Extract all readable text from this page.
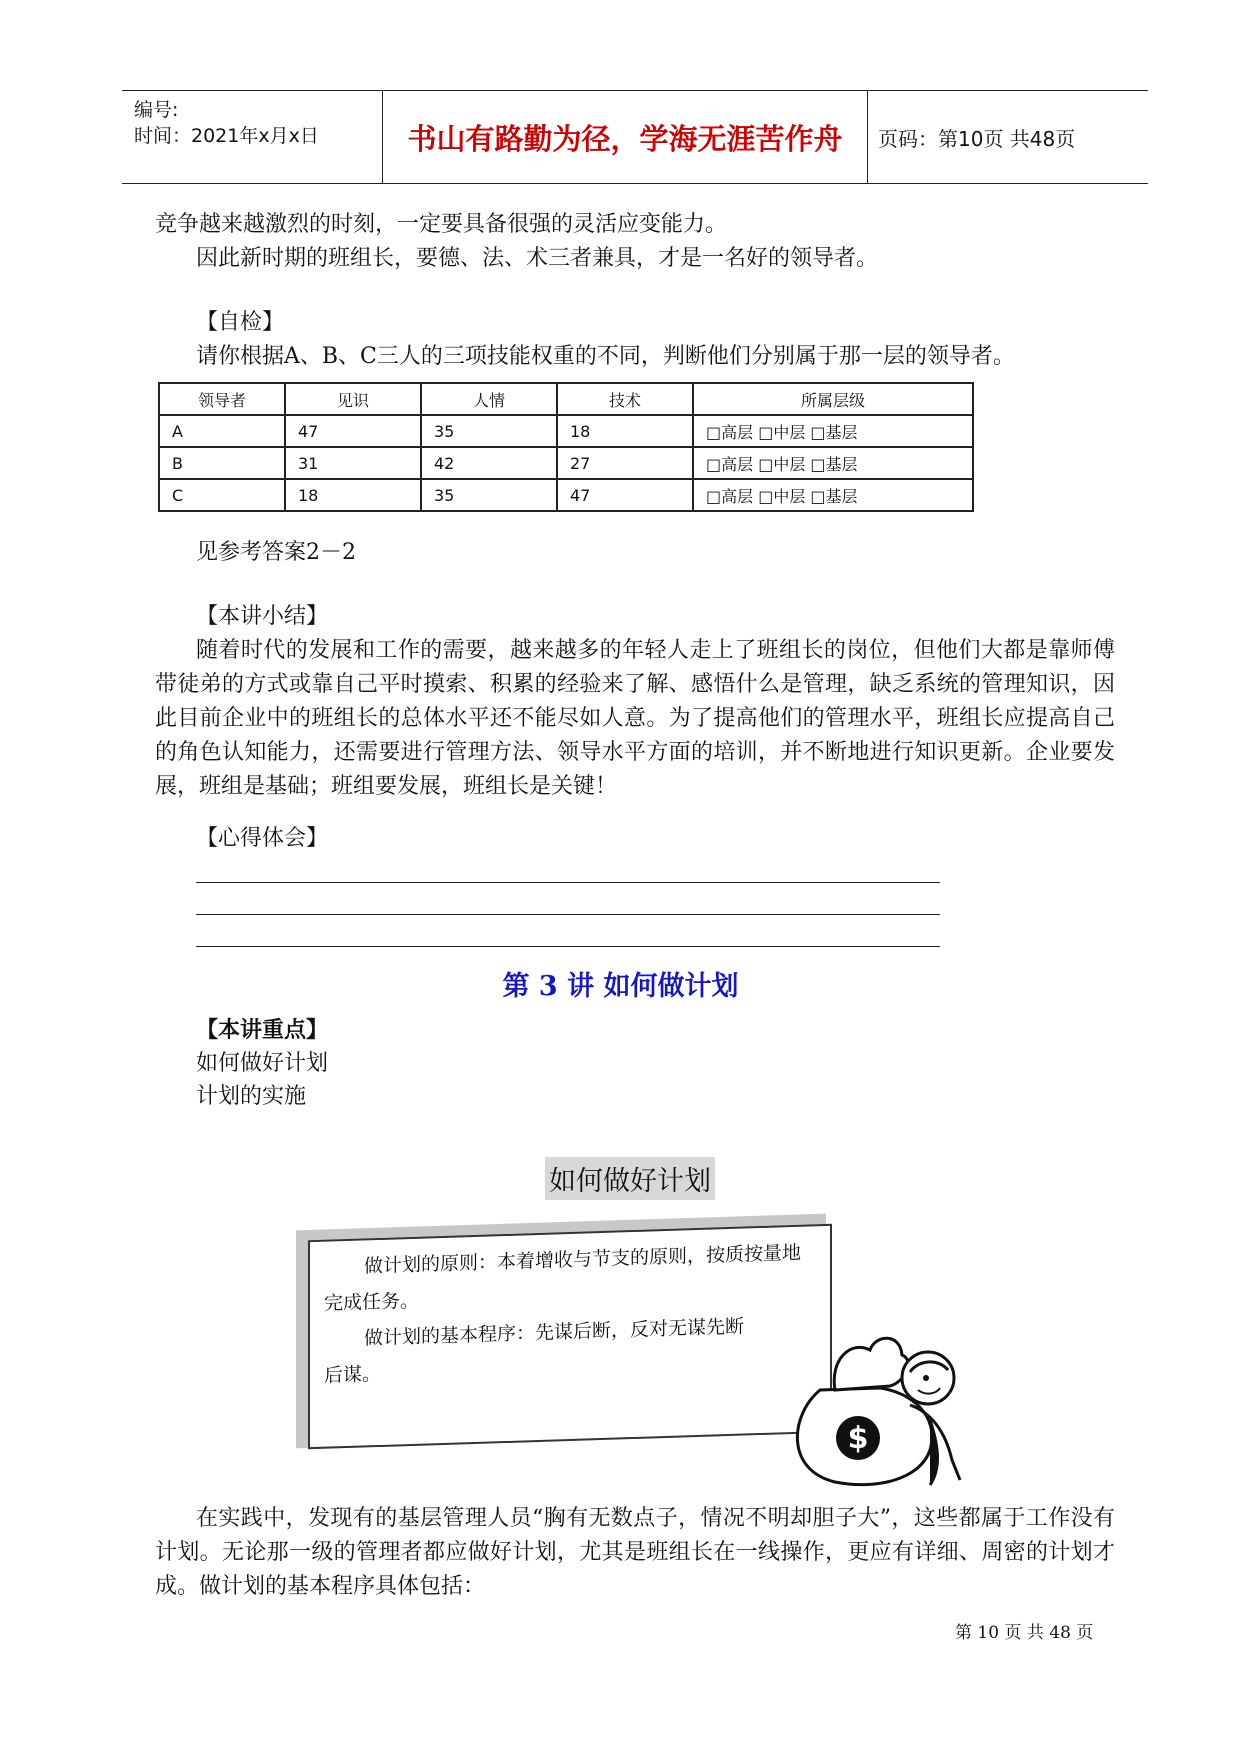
编号:
时间：2021年x月x日	书山有路勤为径，学海无涯苦作舟	页码：第10页 共48页
竞争越来越激烈的时刻，一定要具备很强的灵活应变能力。
因此新时期的班组长，要德、法、术三者兼具，才是一名好的领导者。
【自检】
请你根据A、B、C三人的三项技能权重的不同，判断他们分别属于那一层的领导者。
领导者	见识	人情	技术	所属层级
A	47	35	18	□高层 □中层 □基层
B	31	42	27	□高层 □中层 □基层
C	18	35	47	□高层 □中层 □基层
见参考答案2－2
【本讲小结】
随着时代的发展和工作的需要，越来越多的年轻人走上了班组长的岗位，但他们大都是靠师傅带徒弟的方式或靠自己平时摸索、积累的经验来了解、感悟什么是管理，缺乏系统的管理知识，因此目前企业中的班组长的总体水平还不能尽如人意。为了提高他们的管理水平，班组长应提高自己的角色认知能力，还需要进行管理方法、领导水平方面的培训，并不断地进行知识更新。企业要发展，班组是基础；班组要发展，班组长是关键！
【心得体会】
第 3 讲 如何做计划
【本讲重点】
如何做好计划
计划的实施
如何做好计划
做计划的原则：本着增收与节支的原则，按质按量地完成任务。
做计划的基本程序：先谋后断，反对无谋先断后谋。
$
在实践中，发现有的基层管理人员“胸有无数点子，情况不明却胆子大”，这些都属于工作没有计划。无论那一级的管理者都应做好计划，尤其是班组长在一线操作，更应有详细、周密的计划才成。做计划的基本程序具体包括：
第 10 页 共 48 页
